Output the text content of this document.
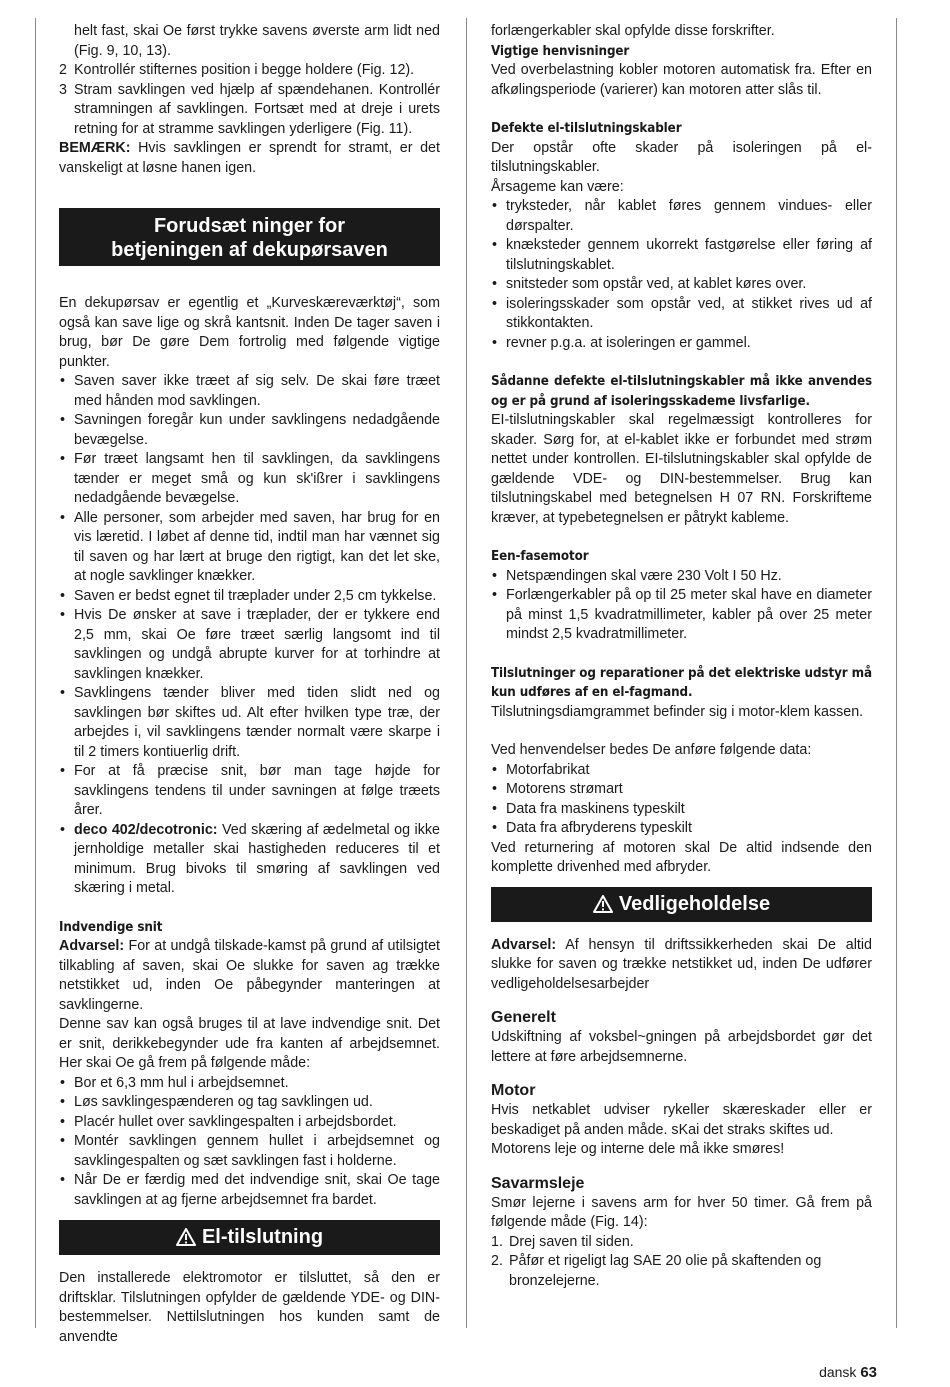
helt fast, skai Oe først trykke savens øverste arm lidt ned (Fig. 9, 10, 13).

2 Kontrollér stifternes position i begge holdere (Fig. 12).
3 Stram savklingen ved hjælp af spændehanen. Kontrollér stramningen af savklingen. Fortsæt med at dreje i urets retning for at stramme savklingen yderligere (Fig. 11).

BEMÆRK: Hvis savklingen er sprendt for stramt, er det vanskeligt at løsne hanen igen.

Forudsæt ninger for
betjeningen af dekupørsaven

En dekupørsav er egentlig et „Kurveskæreværktøj“, som også kan save lige og skrå kantsnit. Inden De tager saven i brug, bør De gøre Dem fortrolig med følgende vigtige punkter.

• Saven saver ikke træet af sig selv. De skai føre træet med hånden mod savklingen.
• Savningen foregår kun under savklingens nedadgående bevægelse.
• Før træet langsamt hen til savklingen, da savklingens tænder er meget små og kun sk'ißrer i savklingens nedadgående bevægelse.
• Alle personer, som arbejder med saven, har brug for en vis læretid. I løbet af denne tid, indtil man har vænnet sig til saven og har lært at bruge den rigtigt, kan det let ske, at nogle savklinger knækker.
• Saven er bedst egnet til træplader under 2,5 cm tykkelse.
• Hvis De ønsker at save i træplader, der er tykkere end 2,5 mm, skai Oe føre træet særlig langsomt ind til savklingen og undgå abrupte kurver for at torhindre at savklingen knækker.
• Savklingens tænder bliver med tiden slidt ned og savklingen bør skiftes ud. Alt efter hvilken type træ, der arbejdes i, vil savklingens tænder normalt være skarpe i til 2 timers kontiuerlig drift.
• For at få præcise snit, bør man tage højde for savklingens tendens til under savningen at følge træets årer.
• deco 402/decotronic: Ved skæring af ædelmetal og ikke jernholdige metaller skai hastigheden reduceres til et minimum. Brug bivoks til smøring af savklingen ved skæring i metal.
Indvendige snit

Advarsel: For at undgå tilskade-kamst på grund af utilsigtet tilkabling af saven, skai Oe slukke for saven ag trække netstikket ud, inden Oe påbegynder manteringen at savklingerne.

Denne sav kan også bruges til at lave indvendige snit. Det er snit, derikkebegynder ude fra kanten af arbejdsemnet. Her skai Oe gå frem på følgende måde:

• Bor et 6,3 mm hul i arbejdsemnet.
• Løs savklingespænderen og tag savklingen ud.
• Placér hullet over savklingespalten i arbejdsbordet.
• Montér savklingen gennem hullet i arbejdsemnet og savklingespalten og sæt savklingen fast i holderne.
• Når De er færdig med det indvendige snit, skai Oe tage savklingen at ag fjerne arbejdsemnet fra bardet.
El-tilslutning

Den installerede elektromotor er tilsluttet, så den er driftsklar. Tilslutningen opfylder de gældende YDE- og DIN-bestemmelser. Nettilslutningen hos kunden samt de anvendte

forlængerkabler skal opfylde disse forskrifter.

Vigtige henvisninger

Ved overbelastning kobler motoren automatisk fra. Efter en afkølingsperiode (varierer) kan motoren atter slås til.

Defekte el-tilslutningskabler

Der opstår ofte skader på isoleringen på el-tilslutningskabler.

Årsageme kan være:

• tryksteder, når kablet føres gennem vindues- eller dørspalter.
• knæksteder gennem ukorrekt fastgørelse eller føring af tilslutningskablet.
• snitsteder som opstår ved, at kablet køres over.
• isoleringsskader som opstår ved, at stikket rives ud af stikkontakten.
• revner p.g.a. at isoleringen er gammel.
Sådanne defekte el-tilslutningskabler må ikke anvendes og er på grund af isoleringsskademe livsfarlige.

EI-tilslutningskabler skal regelmæssigt kontrolleres for skader. Sørg for, at el-kablet ikke er forbundet med strøm nettet under kontrollen. EI-tilslutningskabler skal opfylde de gældende VDE- og DIN-bestemmelser. Brug kan tilslutningskabel med betegnelsen H 07 RN. Forskrifteme kræver, at typebetegnelsen er påtrykt kableme.

Een-fasemotor
• Netspændingen skal være 230 Volt I 50 Hz.
• Forlængerkabler på op til 25 meter skal have en diameter på minst 1,5 kvadratmillimeter, kabler på over 25 meter mindst 2,5 kvadratmillimeter.
Tilslutninger og reparationer på det elektriske udstyr må kun udføres af en el-fagmand.

Tilslutningsdiamgrammet befinder sig i motor-klem kassen.

Ved henvendelser bedes De anføre følgende data:

• Motorfabrikat
• Motorens strømart
• Data fra maskinens typeskilt
• Data fra afbryderens typeskilt

Ved returnering af motoren skal De altid indsende den komplette drivenhed med afbryder.

Vedligeholdelse

Advarsel: Af hensyn til driftssikkerheden skai De altid slukke for saven og trække netstikket ud, inden De udfører vedligeholdelsesarbejder

Generelt

Udskiftning af voksbel~gningen på arbejdsbordet gør det lettere at føre arbejdsemnerne.

Motor

Hvis netkablet udviser rykeller skæreskader eller er beskadiget på anden måde. sKai det straks skiftes ud.

Motorens leje og interne dele må ikke smøres!

Savarmsleje

Smør lejerne i savens arm for hver 50 timer. Gå frem på følgende måde (Fig. 14):

1. Drej saven til siden.
2. Påfør et rigeligt lag SAE 20 olie på skaftenden og bronzelejerne.
dansk 63
